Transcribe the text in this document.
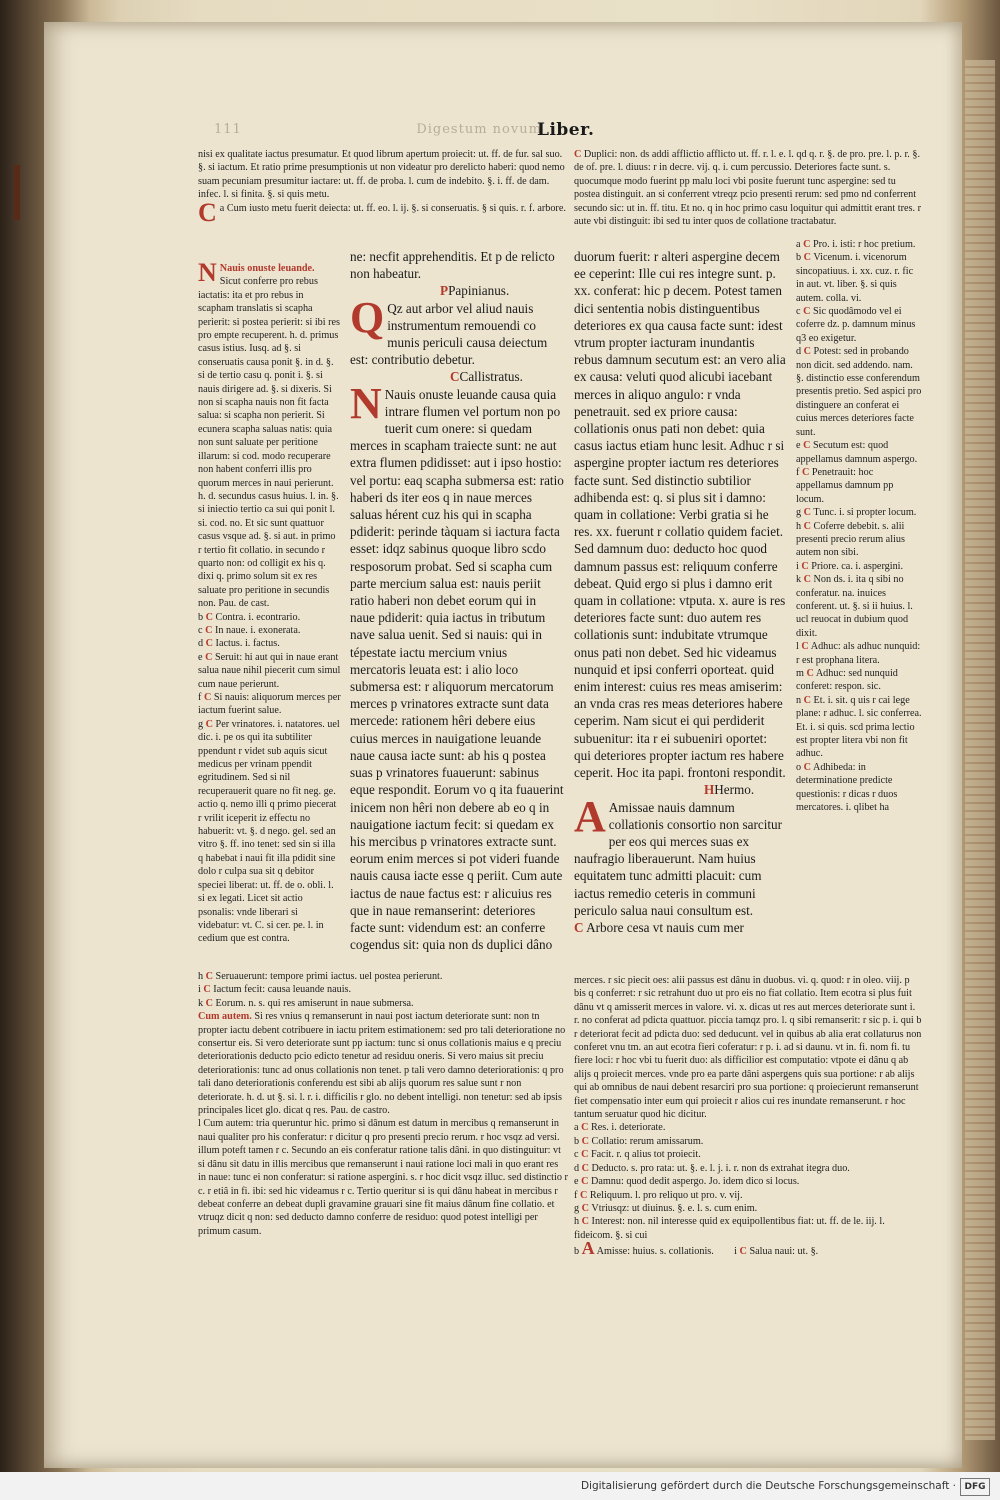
111	Digestum novum
Liber.

nisi ex qualitate iactus presumatur. Et quod librum apertum proiecit: ut. ff. de fur. sal suo. §. si iactum. Et ratio prime presumptionis ut non videatur pro derelicto haberi: quod nemo suam pecuniam presumitur iactare: ut. ff. de proba. l. cum de indebito. §. i. ff. de dam. infec. l. si finita. §. si quis metu.

Ca Cum iusto metu fuerit deiecta: ut. ff. eo. l. ij. §. si conseruatis. § si quis. r. f. arbore.

N Nauis onuste leuande.

Sicut conferre pro rebus iactatis: ita et pro rebus in scapham translatis si scapha perierit: si postea perierit: si ibi res pro empte recuperent. h. d. primus casus istius. Iusq. ad §. si conseruatis causa ponit §. in d. §. si de tertio casu q. ponit i. §. si nauis dirigere ad. §. si dixeris. Si non si scapha nauis non fit facta salua: si scapha non perierit. Si ecunera scapha saluas natis: quia non sunt saluate per peritione illarum: si cod. modo recuperare non habent conferri illis pro quorum merces in naui perierunt. h. d. secundus casus huius. l. in. §. si iniectio tertio ca sui qui ponit l. si. cod. no. Et sic sunt quattuor casus vsque ad. §. si aut. in primo r tertio fit collatio. in secundo r quarto non: od colligit ex his q. dixi q. primo solum sit ex res saluate pro peritione in secundis non. Pau. de cast.

b C Contra. i. econtrario.

c C In naue. i. exonerata.

d C Iactus. i. factus.

e C Seruit: hi aut qui in naue erant salua naue nihil piecerit cum simul cum naue perierunt.

f C Si nauis: aliquorum merces per iactum fuerint salue.

g C Per vrinatores. i. natatores. uel dic. i. pe os qui ita subtiliter ppendunt r videt sub aquis sicut medicus per vrinam ppendit egritudinem. Sed si nil recuperauerit quare no fit neg. ge. actio q. nemo illi q primo piecerat r vrilit iceperit iz effectu no habuerit: vt. §. d nego. gel. sed an vitro §. ff. ino tenet: sed sin si illa q habebat i naui fit illa pdidit sine dolo r culpa sua sit q debitor speciei liberat: ut. ff. de o. obli. l. si ex legati. Licet sit actio psonalis: vnde liberari si videbatur: vt. C. si cer. pe. l. in cedium que est contra.

ne: necfit apprehenditis. Et p de relicto non habeatur.

PPapinianus.

Q Qz aut arbor vel aliud nauis instrumentum remouendi co munis periculi causa deiectum est: contributio debetur.

CCallistratus.

N Nauis onuste leuande causa quia intrare flumen vel portum non po tuerit cum onere: si quedam merces in scapham traiecte sunt: ne aut extra flumen pdidisset: aut i ipso hostio: vel portu: eaq scapha submersa est: ratio haberi ds iter eos q in naue merces saluas hérent cuz his qui in scapha pdiderit: perinde tàquam si iactura facta esset: idqz sabinus quoque libro scdo resposorum probat. Sed si scapha cum parte mercium salua est: nauis periit ratio haberi non debet eorum qui in naue pdiderit: quia iactus in tributum nave salua uenit. Sed si nauis: qui in tépestate iactu mercium vnius mercatoris leuata est: i alio loco submersa est: r aliquorum mercatorum merces p vrinatores extracte sunt data mercede: rationem hêri debere eius cuius merces in nauigatione leuande naue causa iacte sunt: ab his q postea suas p vrinatores fuauerunt: sabinus eque respondit. Eorum vo q ita fuauerint inicem non hêri non debere ab eo q in nauigatione iactum fecit: si quedam ex his mercibus p vrinatores extracte sunt. eorum enim merces si pot videri fuande nauis causa iacte esse q periit. Cum aute iactus de naue factus est: r alicuius res que in naue remanserint: deteriores facte sunt: videndum est: an conferre cogendus sit: quia non ds duplici dâno

duorum fuerit: r alteri aspergine decem ee ceperint: Ille cui res integre sunt. p. xx. conferat: hic p decem. Potest tamen dici sententia nobis distinguentibus deteriores ex qua causa facte sunt: idest vtrum propter iacturam inundantis rebus damnum secutum est: an vero alia ex causa: veluti quod alicubi iacebant merces in aliquo angulo: r vnda penetrauit. sed ex priore causa: collationis onus pati non debet: quia casus iactus etiam hunc lesit. Adhuc r si aspergine propter iactum res deteriores facte sunt. Sed distinctio subtilior adhibenda est: q. si plus sit i damno: quam in collatione: Verbi gratia si he res. xx. fuerunt r collatio quidem faciet. Sed damnum duo: deducto hoc quod damnum passus est: reliquum conferre debeat. Quid ergo si plus i damno erit quam in collatione: vtputa. x. aure is res deteriores facte sunt: duo autem res collationis sunt: indubitate vtrumque onus pati non debet. Sed hic videamus nunquid et ipsi conferri oporteat. quid enim interest: cuius res meas amiserim: an vnda cras res meas deteriores habere ceperim. Nam sicut ei qui perdiderit subuenitur: ita r ei subueniri oportet: qui deteriores propter iactum res habere ceperit. Hoc ita papi. frontoni respondit.

HHermo.

A Amissae nauis damnum collationis consortio non sarcitur per eos qui merces suas ex naufragio liberauerunt. Nam huius equitatem tunc admitti placuit: cum iactus remedio ceteris in communi periculo salua naui consultum est.

C Arbore cesa vt nauis cum mer

C Duplici: non. ds addi afflictio afflicto ut. ff. r. l. e. l. qd q. r. §. de pro. pre. l. p. r. §. de of. pre. l. diuus: r in decre. vij. q. i. cum percussio. Deteriores facte sunt. s. quocumque modo fuerint pp malu loci vbi posite fuerunt tunc aspergine: sed tu postea distinguit. an si conferrent vtreqz pcio presenti rerum: sed pmo nd conferrent secundo sic: ut in. ff. titu. Et no. q in hoc primo casu loquitur qui admittit erant tres. r aute vbi distinguit: ibi sed tu inter quos de collatione tractabatur.

a C Pro. i. isti: r hoc pretium.

b C Vicenum. i. vicenorum sincopatiuus. i. xx. cuz. r. fic in aut. vt. liber. §. si quis autem. colla. vi.

c C Sic quodâmodo vel ei coferre dz. p. damnum minus q3 eo exigetur.

d C Potest: sed in probando non dicit. sed addendo. nam. §. distinctio esse conferendum presentis pretio. Sed aspici pro distinguere an conferat ei cuius merces deteriores facte sunt.

e C Secutum est: quod appellamus damnum aspergo.

f C Penetrauit: hoc appellamus damnum pp locum.

g C Tunc. i. si propter locum.

h C Coferre debebit. s. alii presenti precio rerum alius autem non sibi.

i C Priore. ca. i. aspergini.

k C Non ds. i. ita q sibi no conferatur. na. inuices conferent. ut. §. si ii huius. l. ucl reuocat in dubium quod dixit.

l C Adhuc: als adhuc nunquid: r est prophana litera.

m C Adhuc: sed nunquid conferet: respon. sic.

n C Et. i. sit. q uis r cai lege plane: r adhuc. l. sic conferrea. Et. i. si quis. scd prima lectio est propter litera vbi non fit adhuc.

o C Adhibeda: in determinatione predicte questionis: r dicas r duos mercatores. i. qlibet ha

h C Seruauerunt: tempore primi iactus. uel postea perierunt.

i C Iactum fecit: causa leuande nauis.

k C Eorum. n. s. qui res amiserunt in naue submersa.

Cum autem. Si res vnius q remanserunt in naui post iactum deteriorate sunt: non tn propter iactu debent cotribuere in iactu pritem estimationem: sed pro tali deterioratione no consertur eis. Si vero deteriorate sunt pp iactum: tunc si onus collationis maius e q preciu deteriorationis deducto pcio edicto tenetur ad residuu oneris. Si vero maius sit preciu deteriorationis: tunc ad onus collationis non tenet. p tali vero damno deteriorationis: q pro tali dano deteriorationis conferendu est sibi ab alijs quorum res salue sunt r non deteriorate. h. d. ut §. si. l. r. i. difficilis r glo. no debent intelligi. non tenetur: sed ab ipsis principales licet glo. dicat q res. Pau. de castro.

l Cum autem: tria queruntur hic. primo si dânum est datum in mercibus q remanserunt in naui qualiter pro his conferatur: r dicitur q pro presenti precio rerum. r hoc vsqz ad versi. illum poteft tamen r c. Secundo an eis conferatur ratione talis dâni. in quo distinguitur: vt si dânu sit datu in illis mercibus que remanserunt i naui ratione loci mali in quo erant res in naue: tunc ei non conferatur: si ratione aspergini. s. r hoc dicit vsqz illuc. sed distinctio r c. r etiâ in fi. ibi: sed hic videamus r c. Tertio queritur si is qui dânu habeat in mercibus r debeat conferre an debeat dupli gravamine grauari sine fit maius dânum fine collatio. et vtruqz dicit q non: sed deducto damno conferre de residuo: quod potest intelligi per primum casum.

merces. r sic piecit oes: alii passus est dânu in duobus. vi. q. quod: r in oleo. viij. p bis q conferret: r sic retrahunt duo ut pro eis no fiat collatio. Item ecotra si plus fuit dânu vt q amisserit merces in valore. vi. x. dicas ut res aut merces deteriorate sunt i. r. no conferat ad pdicta quattuor. piccia tamqz pro. l. q sibi remanserit: r sic p. i. qui b r deteriorat fecit ad pdicta duo: sed deducunt. vel in quibus ab alia erat collaturus non conferet vnu tm. an aut ecotra fieri coferatur: r p. i. ad si daunu. vt in. fi. nom fi. tu fiere loci: r hoc vbi tu fuerit duo: als difficilior est computatio: vtpote ei dânu q ab alijs q proiecit merces. vnde pro ea parte dâni aspergens quis sua portione: r ab alijs qui ab omnibus de naui debent resarciri pro sua portione: q proiecierunt remanserunt fiet compensatio inter eum qui proiecit r alios cui res inundate remanserunt. r hoc tantum seruatur quod hic dicitur.

a C Res. i. deteriorate.

b C Collatio: rerum amissarum.

c C Facit. r. q alius tot proiecit.

d C Deducto. s. pro rata: ut. §. e. l. j. i. r. non ds extrahat itegra duo.

e C Damnu: quod dedit aspergo. Jo. idem dico si locus.

f C Reliquum. l. pro reliquo ut pro. v. vij.

g C Vtriusqz: ut diuinus. §. e. l. s. cum enim.

h C Interest: non. nil interesse quid ex equipollentibus fiat: ut. ff. de le. iij. l. fideicom. §. si cui

b A Amisse: huius. s. collationis.        i C Salua naui: ut. §.

Digitalisierung gefördert durch die Deutsche Forschungsgemeinschaft · DFG
